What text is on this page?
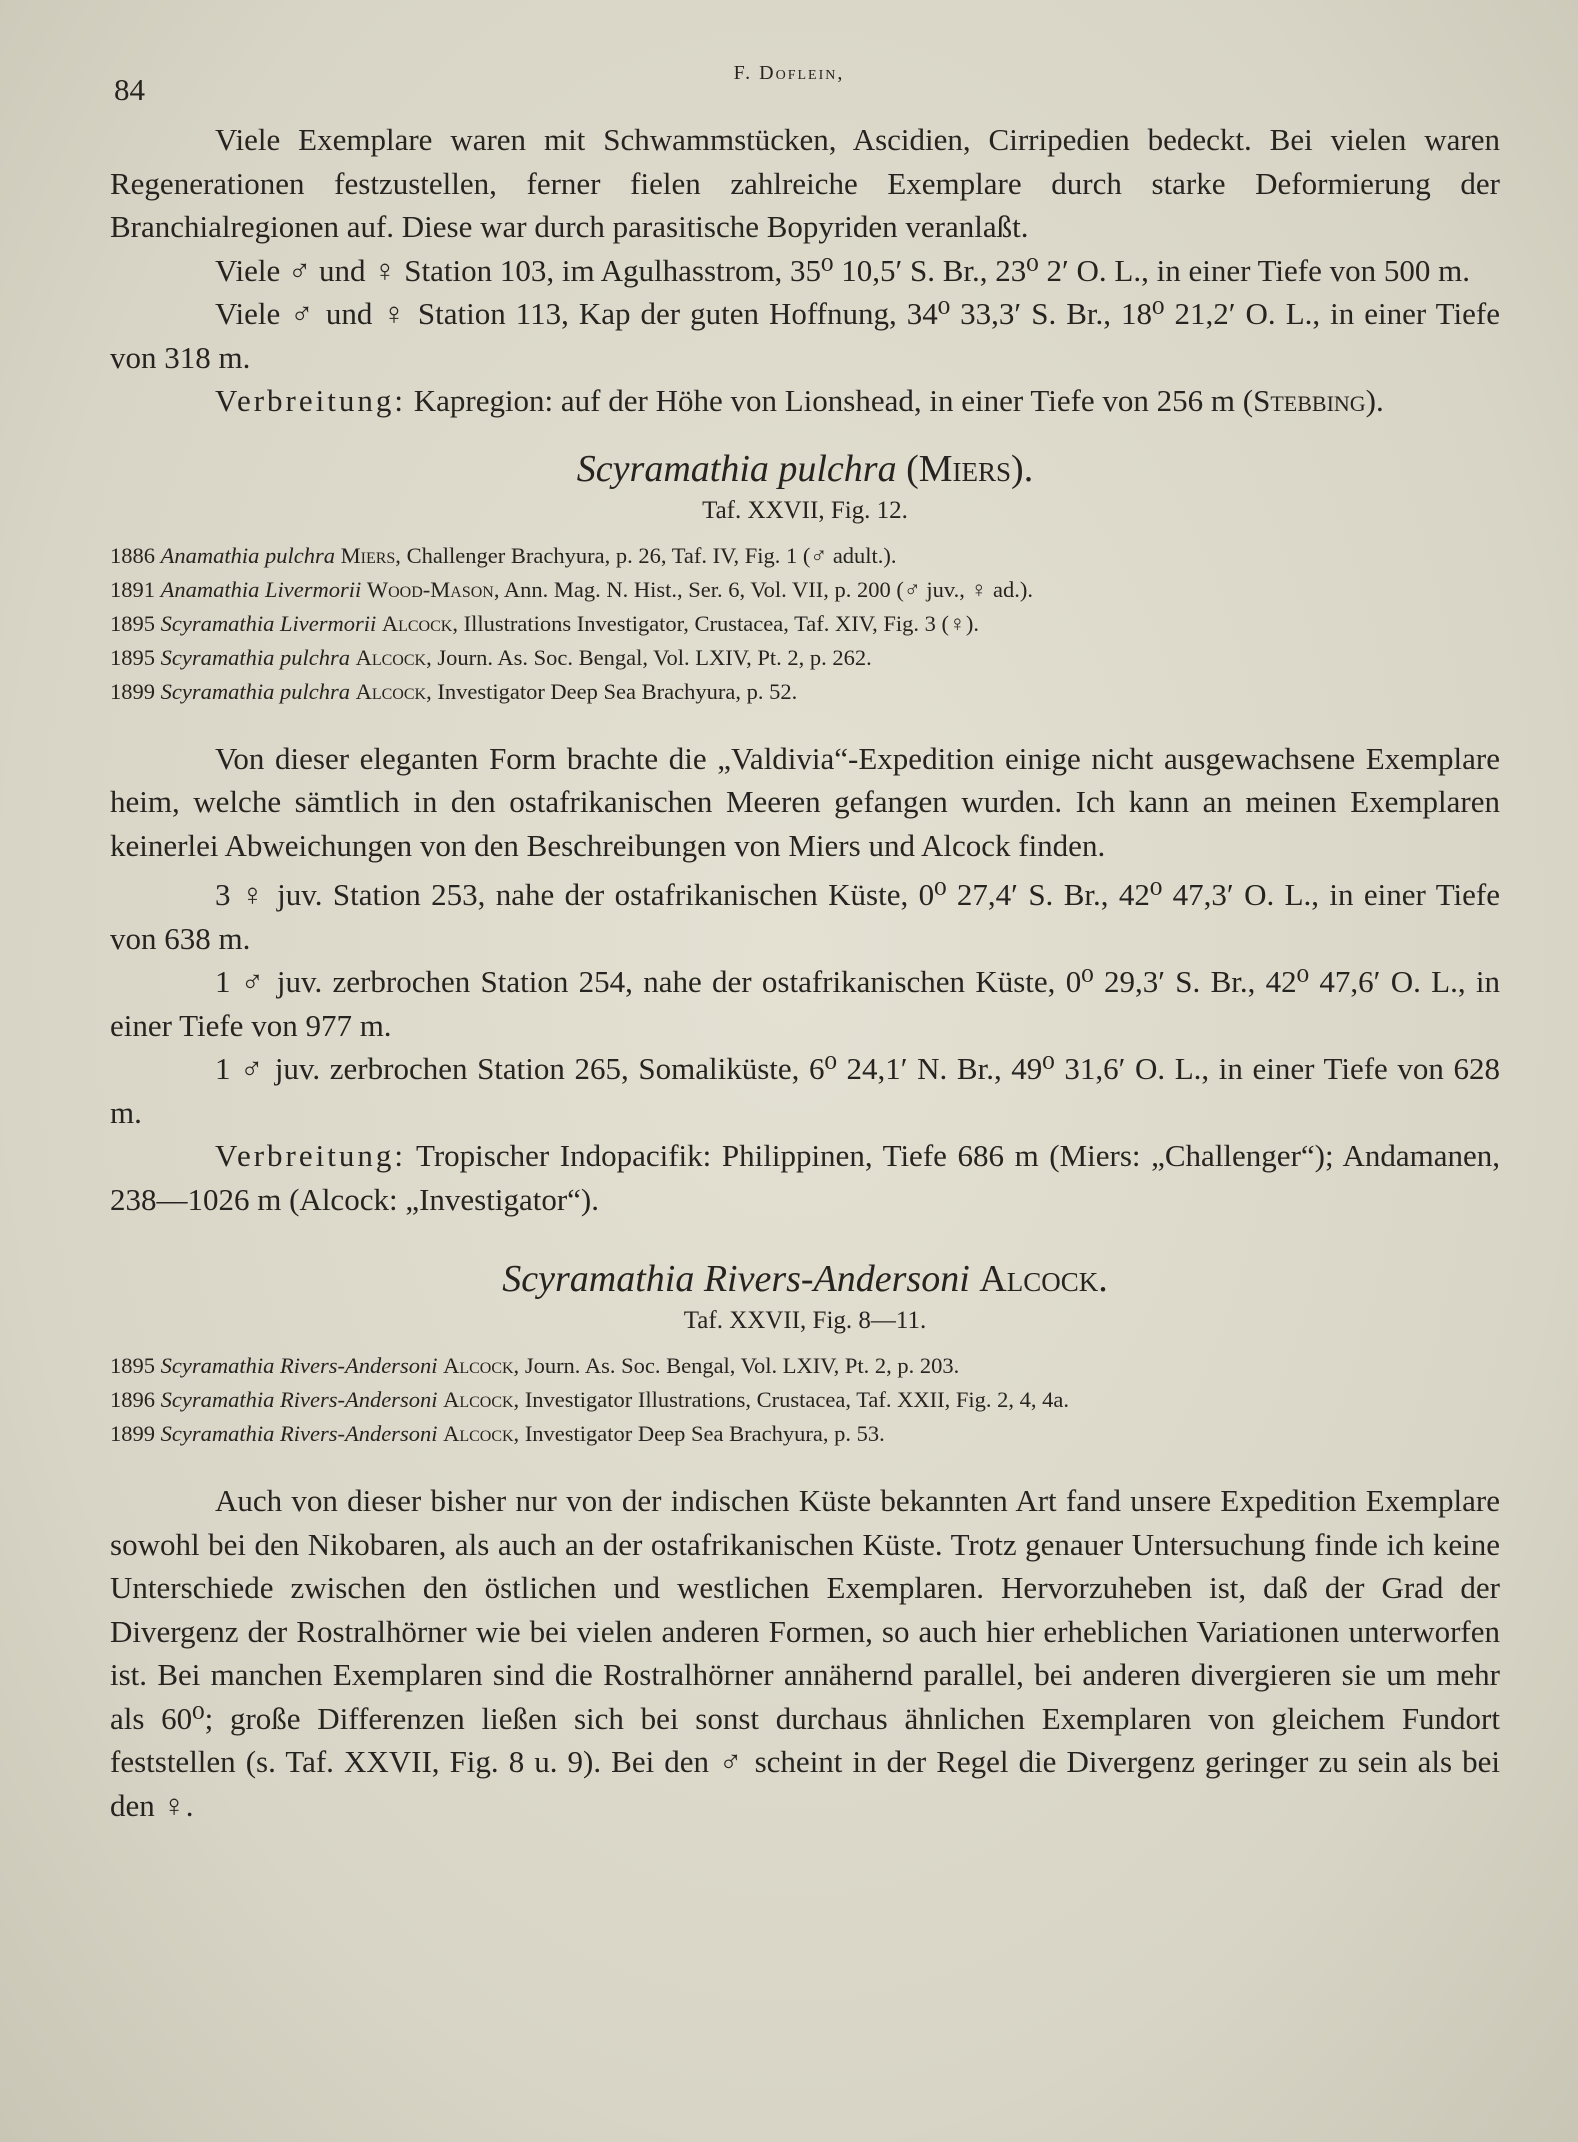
84	F. Doflein,

Viele Exemplare waren mit Schwammstücken, Ascidien, Cirripedien bedeckt. Bei vielen waren Regenerationen festzustellen, ferner fielen zahlreiche Exemplare durch starke Deformierung der Branchialregionen auf. Diese war durch parasitische Bopyriden veranlaßt.

Viele ♂ und ♀ Station 103, im Agulhasstrom, 35⁰ 10,5′ S. Br., 23⁰ 2′ O. L., in einer Tiefe von 500 m.

Viele ♂ und ♀ Station 113, Kap der guten Hoffnung, 34⁰ 33,3′ S. Br., 18⁰ 21,2′ O. L., in einer Tiefe von 318 m.

Verbreitung: Kapregion: auf der Höhe von Lionshead, in einer Tiefe von 256 m (Stebbing).

Scyramathia pulchra (Miers).
Taf. XXVII, Fig. 12.
1886 Anamathia pulchra Miers, Challenger Brachyura, p. 26, Taf. IV, Fig. 1 (♂ adult.).
1891 Anamathia Livermorii Wood-Mason, Ann. Mag. N. Hist., Ser. 6, Vol. VII, p. 200 (♂ juv., ♀ ad.).
1895 Scyramathia Livermorii Alcock, Illustrations Investigator, Crustacea, Taf. XIV, Fig. 3 (♀).
1895 Scyramathia pulchra Alcock, Journ. As. Soc. Bengal, Vol. LXIV, Pt. 2, p. 262.
1899 Scyramathia pulchra Alcock, Investigator Deep Sea Brachyura, p. 52.

Von dieser eleganten Form brachte die „Valdivia“-Expedition einige nicht ausgewachsene Exemplare heim, welche sämtlich in den ostafrikanischen Meeren gefangen wurden. Ich kann an meinen Exemplaren keinerlei Abweichungen von den Beschreibungen von Miers und Alcock finden.

3 ♀ juv. Station 253, nahe der ostafrikanischen Küste, 0⁰ 27,4′ S. Br., 42⁰ 47,3′ O. L., in einer Tiefe von 638 m.

1 ♂ juv. zerbrochen Station 254, nahe der ostafrikanischen Küste, 0⁰ 29,3′ S. Br., 42⁰ 47,6′ O. L., in einer Tiefe von 977 m.

1 ♂ juv. zerbrochen Station 265, Somaliküste, 6⁰ 24,1′ N. Br., 49⁰ 31,6′ O. L., in einer Tiefe von 628 m.

Verbreitung: Tropischer Indopacifik: Philippinen, Tiefe 686 m (Miers: „Challenger“); Andamanen, 238—1026 m (Alcock: „Investigator“).

Scyramathia Rivers-Andersoni Alcock.
Taf. XXVII, Fig. 8—11.
1895 Scyramathia Rivers-Andersoni Alcock, Journ. As. Soc. Bengal, Vol. LXIV, Pt. 2, p. 203.
1896 Scyramathia Rivers-Andersoni Alcock, Investigator Illustrations, Crustacea, Taf. XXII, Fig. 2, 4, 4a.
1899 Scyramathia Rivers-Andersoni Alcock, Investigator Deep Sea Brachyura, p. 53.

Auch von dieser bisher nur von der indischen Küste bekannten Art fand unsere Expedition Exemplare sowohl bei den Nikobaren, als auch an der ostafrikanischen Küste. Trotz genauer Untersuchung finde ich keine Unterschiede zwischen den östlichen und westlichen Exemplaren. Hervorzuheben ist, daß der Grad der Divergenz der Rostralhörner wie bei vielen anderen Formen, so auch hier erheblichen Variationen unterworfen ist. Bei manchen Exemplaren sind die Rostralhörner annähernd parallel, bei anderen divergieren sie um mehr als 60⁰; große Differenzen ließen sich bei sonst durchaus ähnlichen Exemplaren von gleichem Fundort feststellen (s. Taf. XXVII, Fig. 8 u. 9). Bei den ♂ scheint in der Regel die Divergenz geringer zu sein als bei den ♀.
